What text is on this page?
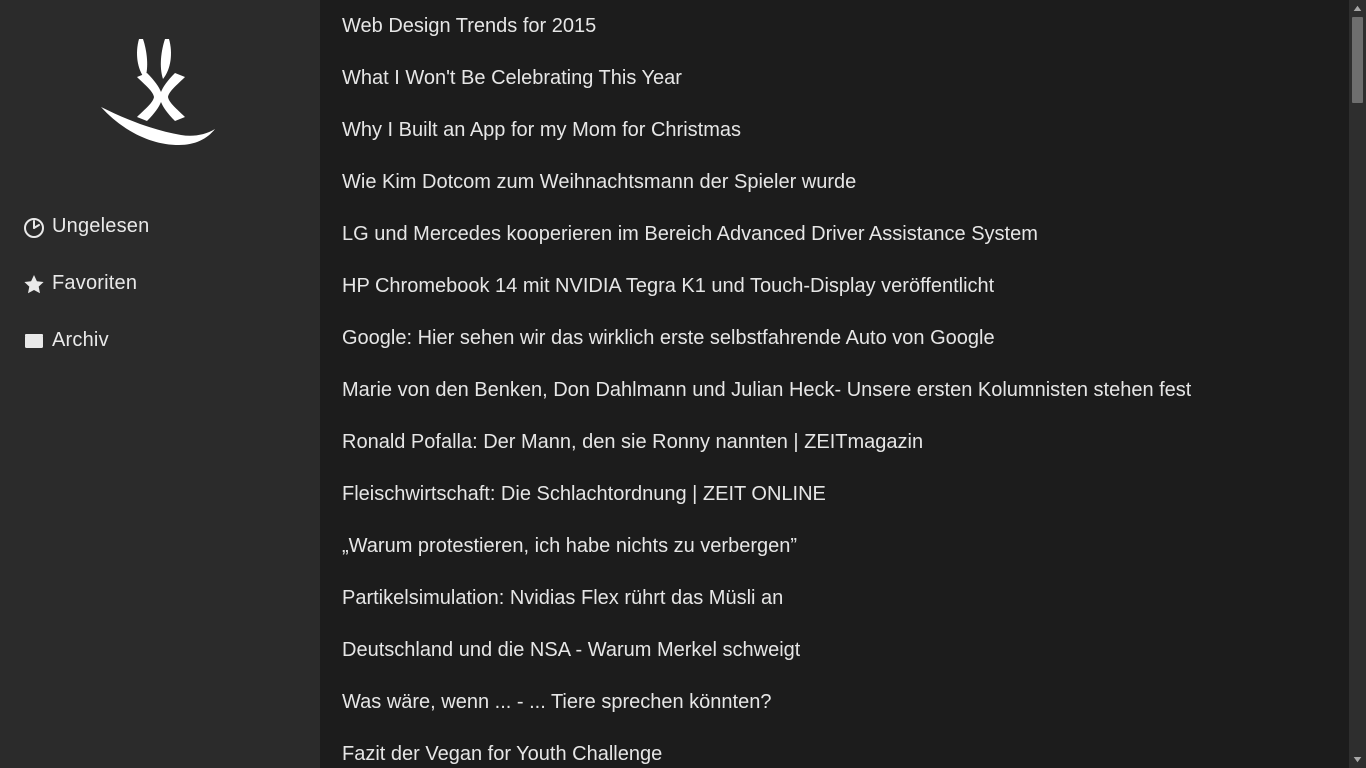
Ungelesen
Favoriten
Archiv
Web Design Trends for 2015
What I Won't Be Celebrating This Year
Why I Built an App for my Mom for Christmas
Wie Kim Dotcom zum Weihnachtsmann der Spieler wurde
LG und Mercedes kooperieren im Bereich Advanced Driver Assistance System
HP Chromebook 14 mit NVIDIA Tegra K1 und Touch-Display veröffentlicht
Google: Hier sehen wir das wirklich erste selbstfahrende Auto von Google
Marie von den Benken, Don Dahlmann und Julian Heck- Unsere ersten Kolumnisten stehen fest
Ronald Pofalla: Der Mann, den sie Ronny nannten | ZEITmagazin
Fleischwirtschaft: Die Schlachtordnung | ZEIT ONLINE
„Warum protestieren, ich habe nichts zu verbergen”
Partikelsimulation: Nvidias Flex rührt das Müsli an
Deutschland und die NSA - Warum Merkel schweigt
Was wäre, wenn ... - ... Tiere sprechen könnten?
Fazit der Vegan for Youth Challenge
